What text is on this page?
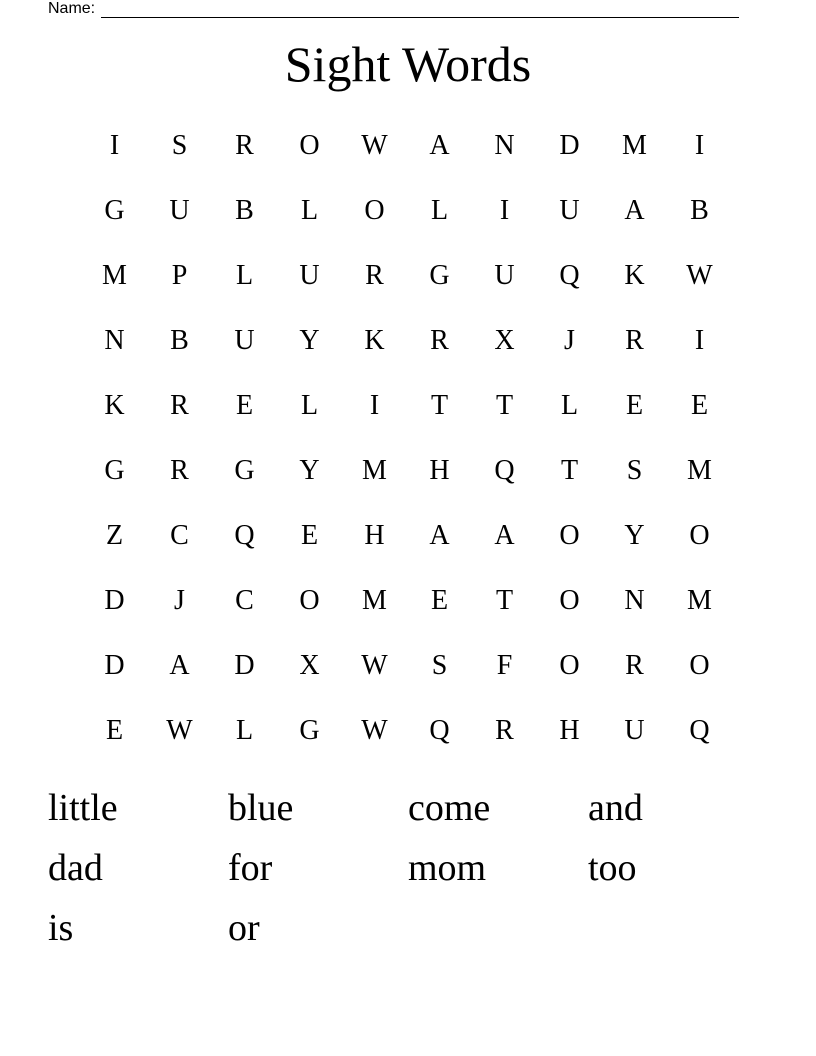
Name:
Sight Words
I	S	R	O	W	A	N	D	M	I
G	U	B	L	O	L	I	U	A	B
M	P	L	U	R	G	U	Q	K	W
N	B	U	Y	K	R	X	J	R	I
K	R	E	L	I	T	T	L	E	E
G	R	G	Y	M	H	Q	T	S	M
Z	C	Q	E	H	A	A	O	Y	O
D	J	C	O	M	E	T	O	N	M
D	A	D	X	W	S	F	O	R	O
E	W	L	G	W	Q	R	H	U	Q
little	blue	come	and
dad	for	mom	too
is	or
